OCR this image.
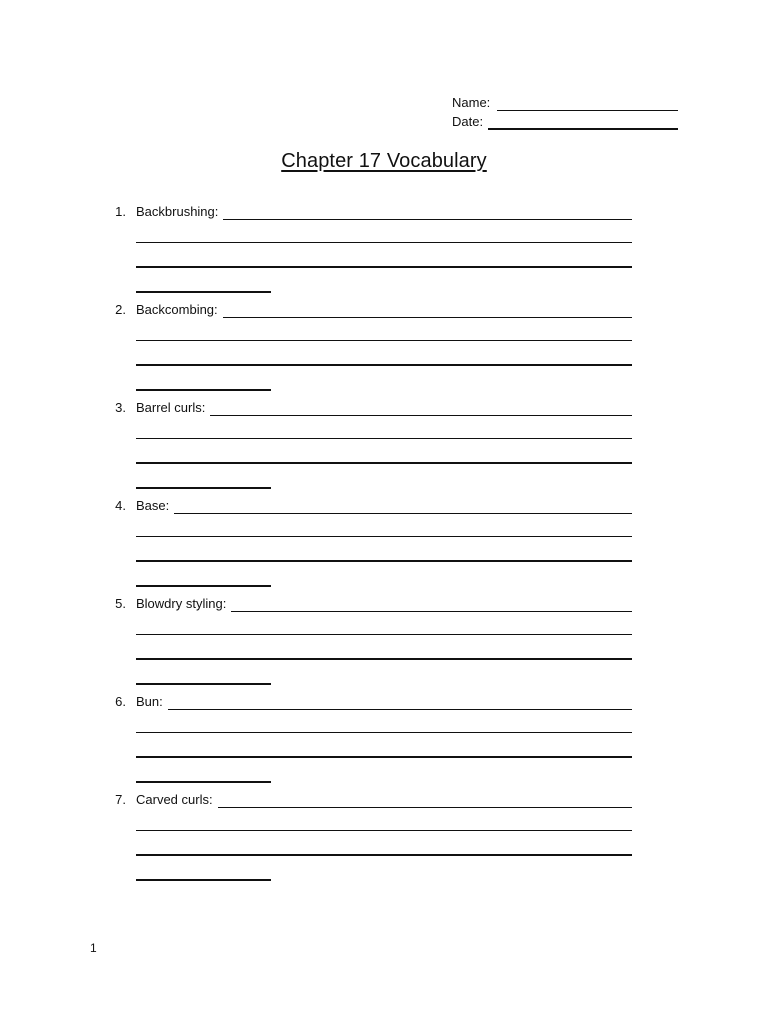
Name:
Date:
Chapter 17 Vocabulary
1. Backbrushing:
2. Backcombing:
3. Barrel curls:
4. Base:
5. Blowdry styling:
6. Bun:
7. Carved curls:
1
